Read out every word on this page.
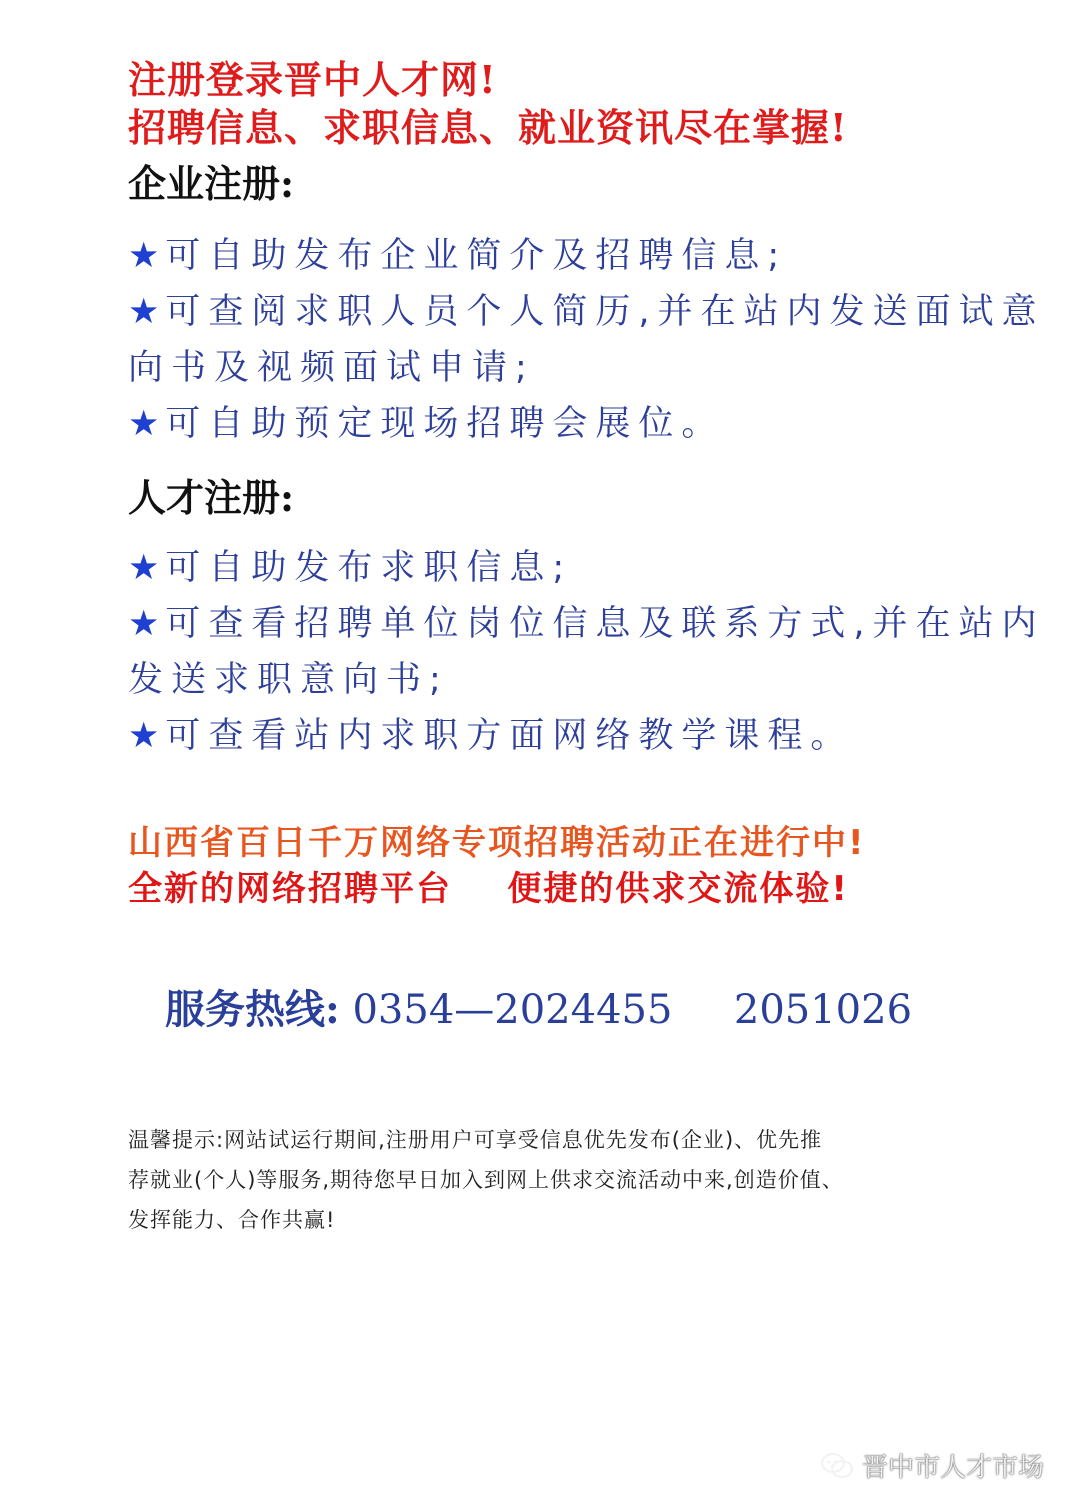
注册登录晋中人才网!
招聘信息、求职信息、就业资讯尽在掌握!
企业注册:
★可自助发布企业简介及招聘信息;
★可查阅求职人员个人简历,并在站内发送面试意
向书及视频面试申请;
★可自助预定现场招聘会展位。
人才注册:
★可自助发布求职信息;
★可查看招聘单位岗位信息及联系方式,并在站内
发送求职意向书;
★可查看站内求职方面网络教学课程。
山西省百日千万网络专项招聘活动正在进行中!
全新的网络招聘平台    便捷的供求交流体验!
服务热线: 0354—2024455 2051026
温馨提示:网站试运行期间,注册用户可享受信息优先发布(企业)、优先推
荐就业(个人)等服务,期待您早日加入到网上供求交流活动中来,创造价值、
发挥能力、合作共赢!
晋中市人才市场
